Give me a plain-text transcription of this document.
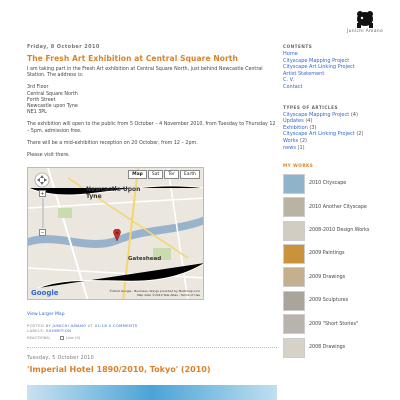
Junichi Amano
Friday, 8 October 2010
The Fresh Art Exhibition at Central Square North

I am taking part in the Fresh Art exhibition at Central Square North, just behind Newcastle Central Station. The address is:

3rd Floor

Central Square North

Forth Street

Newcastle upon Tyne

NE1 3PL

The exhibition will open to the public from 5 October – 4 November 2010, from Tuesday to Thursday 12 – 5pm, admission free.

There will be a mid-exhibition reception on 20 October, from 12 – 2pm.

Please visit there.

+
−
Map	Sat	Ter	Earth
Newcastle Upon Tyne
Gateshead
Google	©2010 Google - Business ratings provided by Multimap.com
Map data ©2010 Tele Atlas - Terms of Use
View Larger Map
POSTED BY JUNICHI AMANO AT 01:18 0 COMMENTS
LABELS: EXHIBITION
REACTIONS:	Like (0)
Tuesday, 5 October 2010
'Imperial Hotel 1890/2010, Tokyo' (2010)
CONTENTS
Home
Cityscape Mapping Project
Cityscape Art Linking Project
Artist Statement
C. V.
Contact
TYPES OF ARTICLES
Cityscape Mapping Project (4)
Updates (4)
Exhibition (3)
Cityscape Art Linking Project (2)
Works (2)
news (1)
MY WORKS
2010 Cityscape
2010 Another Cityscape
2008-2010 Design Works
2009 Paintings
2009 Drawings
2009 Sculptures
2009 "Short Stories"
2008 Drawings
